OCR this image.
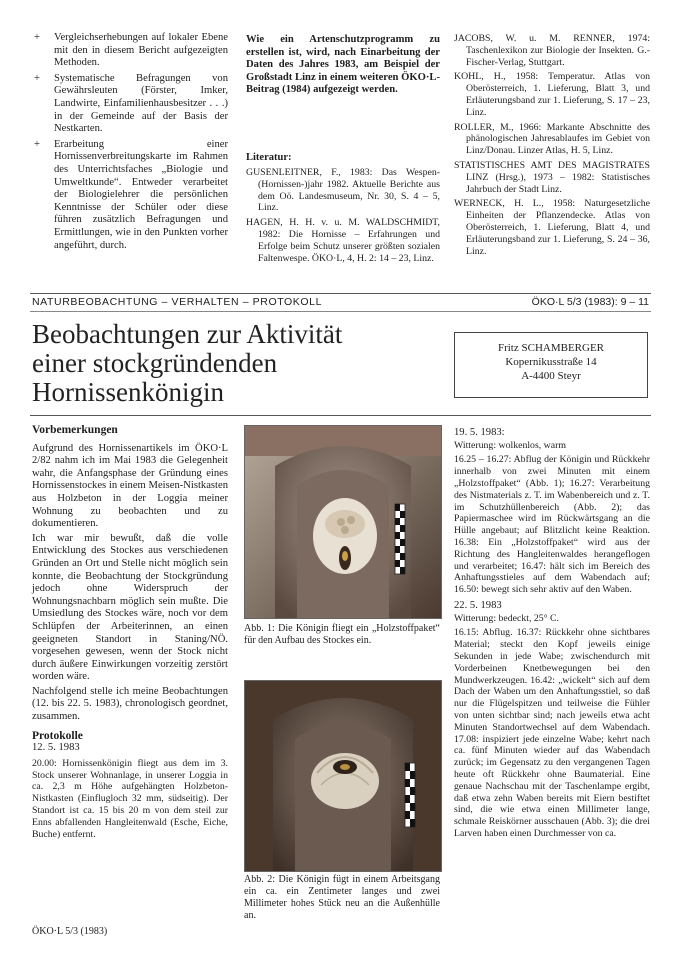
+ Vergleichserhebungen auf lokaler Ebene mit den in diesem Bericht aufgezeigten Methoden.
+ Systematische Befragungen von Gewährsleuten (Förster, Imker, Landwirte, Einfamilienhausbesitzer . . .) in der Gemeinde auf der Basis der Nestkarten.
+ Erarbeitung einer Hornissenverbreitungskarte im Rahmen des Unterrichtsfaches „Biologie und Umweltkunde“. Entweder verarbeitet der Biologielehrer die persönlichen Kenntnisse der Schüler oder diese führen zusätzlich Befragungen und Ermittlungen, wie in den Punkten vorher angeführt, durch.
Wie ein Artenschutzprogramm zu erstellen ist, wird, nach Einarbeitung der Daten des Jahres 1983, am Beispiel der Großstadt Linz in einem weiteren ÖKO·L-Beitrag (1984) aufgezeigt werden.
Literatur:

GUSENLEITNER, F., 1983: Das Wespen- (Hornissen-)jahr 1982. Aktuelle Berichte aus dem Oö. Landesmuseum, Nr. 30, S. 4 – 5, Linz.

HAGEN, H. H. v. u. M. WALDSCHMIDT, 1982: Die Hornisse – Erfahrungen und Erfolge beim Schutz unserer größten sozialen Faltenwespe. ÖKO·L, 4, H. 2: 14 – 23, Linz.

JACOBS, W. u. M. RENNER, 1974: Taschenlexikon zur Biologie der Insekten. G.-Fischer-Verlag, Stuttgart.

KOHL, H., 1958: Temperatur. Atlas von Oberösterreich, 1. Lieferung, Blatt 3, und Erläuterungsband zur 1. Lieferung, S. 17 – 23, Linz.

ROLLER, M., 1966: Markante Abschnitte des phänologischen Jahresablaufes im Gebiet von Linz/Donau. Linzer Atlas, H. 5, Linz.

STATISTISCHES AMT DES MAGISTRATES LINZ (Hrsg.), 1973 – 1982: Statistisches Jahrbuch der Stadt Linz.

WERNECK, H. L., 1958: Naturgesetzliche Einheiten der Pflanzendecke. Atlas von Oberösterreich, 1. Lieferung, Blatt 4, und Erläuterungsband zur 1. Lieferung, S. 24 – 36, Linz.

NATURBEOBACHTUNG – VERHALTEN – PROTOKOLL	ÖKO·L 5/3 (1983): 9 – 11
Beobachtungen zur Aktivität
einer stockgründenden
Hornissenkönigin
Fritz SCHAMBERGER
Kopernikusstraße 14
A-4400 Steyr
Vorbemerkungen

Aufgrund des Hornissenartikels im ÖKO·L 2/82 nahm ich im Mai 1983 die Gelegenheit wahr, die Anfangsphase der Gründung eines Hornissenstockes in einem Meisen-Nistkasten aus Holzbeton in der Loggia meiner Wohnung zu beobachten und zu dokumentieren.

Ich war mir bewußt, daß die volle Entwicklung des Stockes aus verschiedenen Gründen an Ort und Stelle nicht möglich sein konnte, die Beobachtung der Stockgründung jedoch ohne Widerspruch der Wohnungsnachbarn möglich sein mußte. Die Umsiedlung des Stockes wäre, noch vor dem Schlüpfen der Arbeiterinnen, an einen geeigneten Standort in Staning/NÖ. vorgesehen gewesen, wenn der Stock nicht durch äußere Einwirkungen vorzeitig zerstört worden wäre.

Nachfolgend stelle ich meine Beobachtungen (12. bis 22. 5. 1983), chronologisch geordnet, zusammen.

Protokolle
12. 5. 1983

20.00: Hornissenkönigin fliegt aus dem im 3. Stock unserer Wohnanlage, in unserer Loggia in ca. 2,3 m Höhe aufgehängten Holzbeton-Nistkasten (Einflugloch 32 mm, südseitig). Der Standort ist ca. 15 bis 20 m von dem steil zur Enns abfallenden Hangleitenwald (Esche, Eiche, Buche) entfernt.

ÖKO·L 5/3 (1983)
Abb. 1: Die Königin fliegt ein „Holzstoffpaket“ für den Aufbau des Stockes ein.
Abb. 2: Die Königin fügt in einem Arbeitsgang ein ca. ein Zentimeter langes und zwei Millimeter hohes Stück neu an die Außenhülle an.
19. 5. 1983:
Witterung: wolkenlos, warm

16.25 – 16.27: Abflug der Königin und Rückkehr innerhalb von zwei Minuten mit einem „Holzstoffpaket“ (Abb. 1); 16.27: Verarbeitung des Nistmaterials z. T. im Wabenbereich und z. T. im Schutzhüllenbereich (Abb. 2); das Papiermaschee wird im Rückwärtsgang an die Hülle angebaut; auf Blitzlicht keine Reaktion. 16.38: Ein „Holzstoffpaket“ wird aus der Richtung des Hangleitenwaldes herangeflogen und verarbeitet; 16.47: hält sich im Bereich des Anhaftungsstieles auf dem Wabendach auf; 16.50: bewegt sich sehr aktiv auf den Waben.

22. 5. 1983
Witterung: bedeckt, 25° C.

16.15: Abflug. 16.37: Rückkehr ohne sichtbares Material; steckt den Kopf jeweils einige Sekunden in jede Wabe; zwischendurch mit Vorderbeinen Knetbewegungen bei den Mundwerkzeugen. 16.42: „wickelt“ sich auf dem Dach der Waben um den Anhaftungsstiel, so daß nur die Flügelspitzen und teilweise die Fühler von unten sichtbar sind; nach jeweils etwa acht Minuten Standortwechsel auf dem Wabendach. 17.08: inspiziert jede einzelne Wabe; kehrt nach ca. fünf Minuten wieder auf das Wabendach zurück; im Gegensatz zu den vergangenen Tagen heute oft Rückkehr ohne Baumaterial. Eine genaue Nachschau mit der Taschenlampe ergibt, daß etwa zehn Waben bereits mit Eiern bestiftet sind, die wie etwa einen Millimeter lange, schmale Reiskörner ausschauen (Abb. 3); die drei Larven haben einen Durchmesser von ca.
